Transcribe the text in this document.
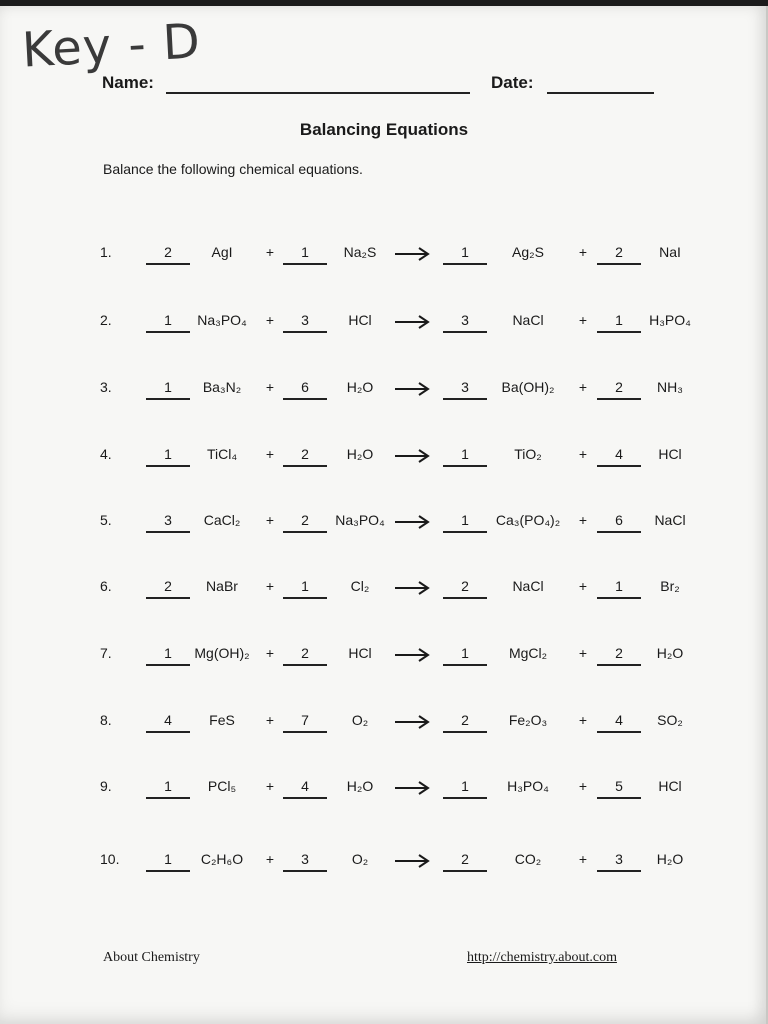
Key - D
Name:	Date:
Balancing Equations
Balance the following chemical equations.
1.	2	AgI	+	1	Na₂S	1	Ag₂S	+	2	NaI
2.	1	Na₃PO₄	+	3	HCl	3	NaCl	+	1	H₃PO₄
3.	1	Ba₃N₂	+	6	H₂O	3	Ba(OH)₂	+	2	NH₃
4.	1	TiCl₄	+	2	H₂O	1	TiO₂	+	4	HCl
5.	3	CaCl₂	+	2	Na₃PO₄	1	Ca₃(PO₄)₂	+	6	NaCl
6.	2	NaBr	+	1	Cl₂	2	NaCl	+	1	Br₂
7.	1	Mg(OH)₂ +	2	HCl	1	MgCl₂	+	2	H₂O
8.	4	FeS	+	7	O₂	2	Fe₂O₃	+	4	SO₂
9.	1	PCl₅	+	4	H₂O	1	H₃PO₄	+	5	HCl
10.	1	C₂H₆O	+	3	O₂	2	CO₂	+	3	H₂O
About Chemistry	http://chemistry.about.com
